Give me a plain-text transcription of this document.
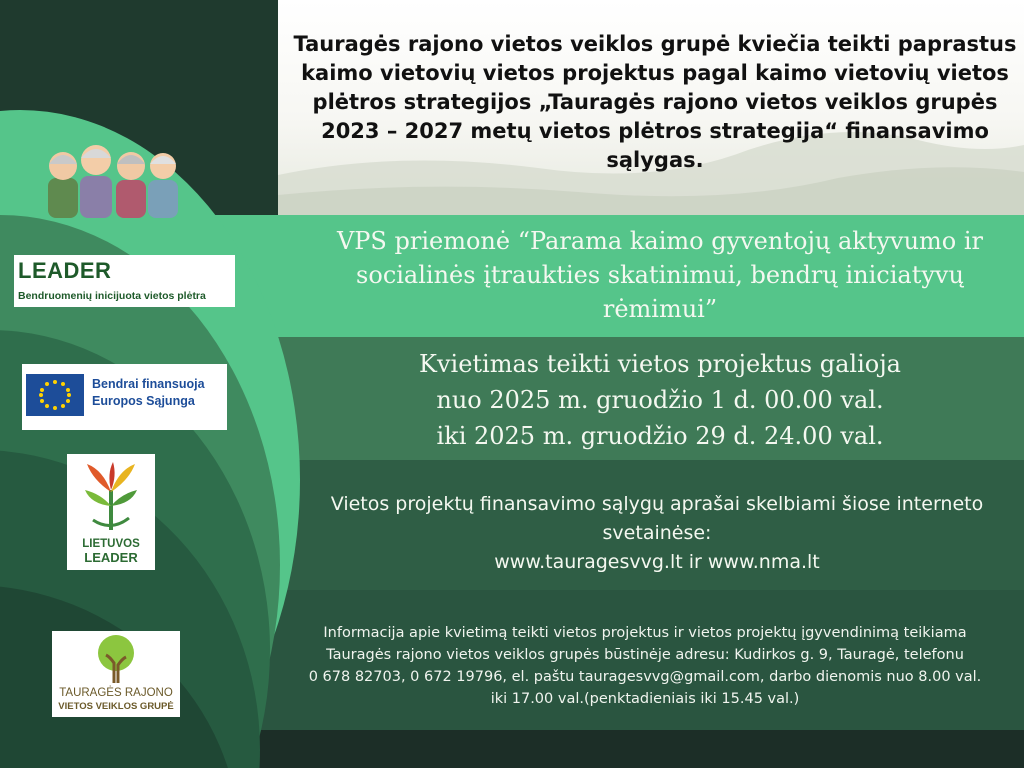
LEADER
Bendruomenių inicijuota vietos plėtra
Bendrai finansuoja
Europos Sąjunga
LIETUVOS
LEADER
TAURAGĖS RAJONO
VIETOS VEIKLOS GRUPĖ
Tauragės rajono vietos veiklos grupė kviečia teikti paprastus kaimo vietovių vietos projektus pagal kaimo vietovių vietos plėtros strategijos „Tauragės rajono vietos veiklos grupės 2023 – 2027 metų vietos plėtros strategija“ finansavimo sąlygas.
VPS priemonė “Parama kaimo gyventojų aktyvumo ir socialinės įtraukties skatinimui, bendrų iniciatyvų rėmimui”
Kvietimas teikti vietos projektus galioja
nuo 2025 m. gruodžio 1 d. 00.00 val.
iki 2025 m. gruodžio 29 d. 24.00 val.
Vietos projektų finansavimo sąlygų aprašai skelbiami šiose interneto
svetainėse:
www.tauragesvvg.lt ir www.nma.lt
Informacija apie kvietimą teikti vietos projektus ir vietos projektų įgyvendinimą teikiama
Tauragės rajono vietos veiklos grupės būstinėje adresu: Kudirkos g. 9, Tauragė, telefonu
0 678 82703, 0 672 19796, el. paštu tauragesvvg@gmail.com, darbo dienomis nuo 8.00 val.
iki 17.00 val.(penktadieniais iki 15.45 val.)
